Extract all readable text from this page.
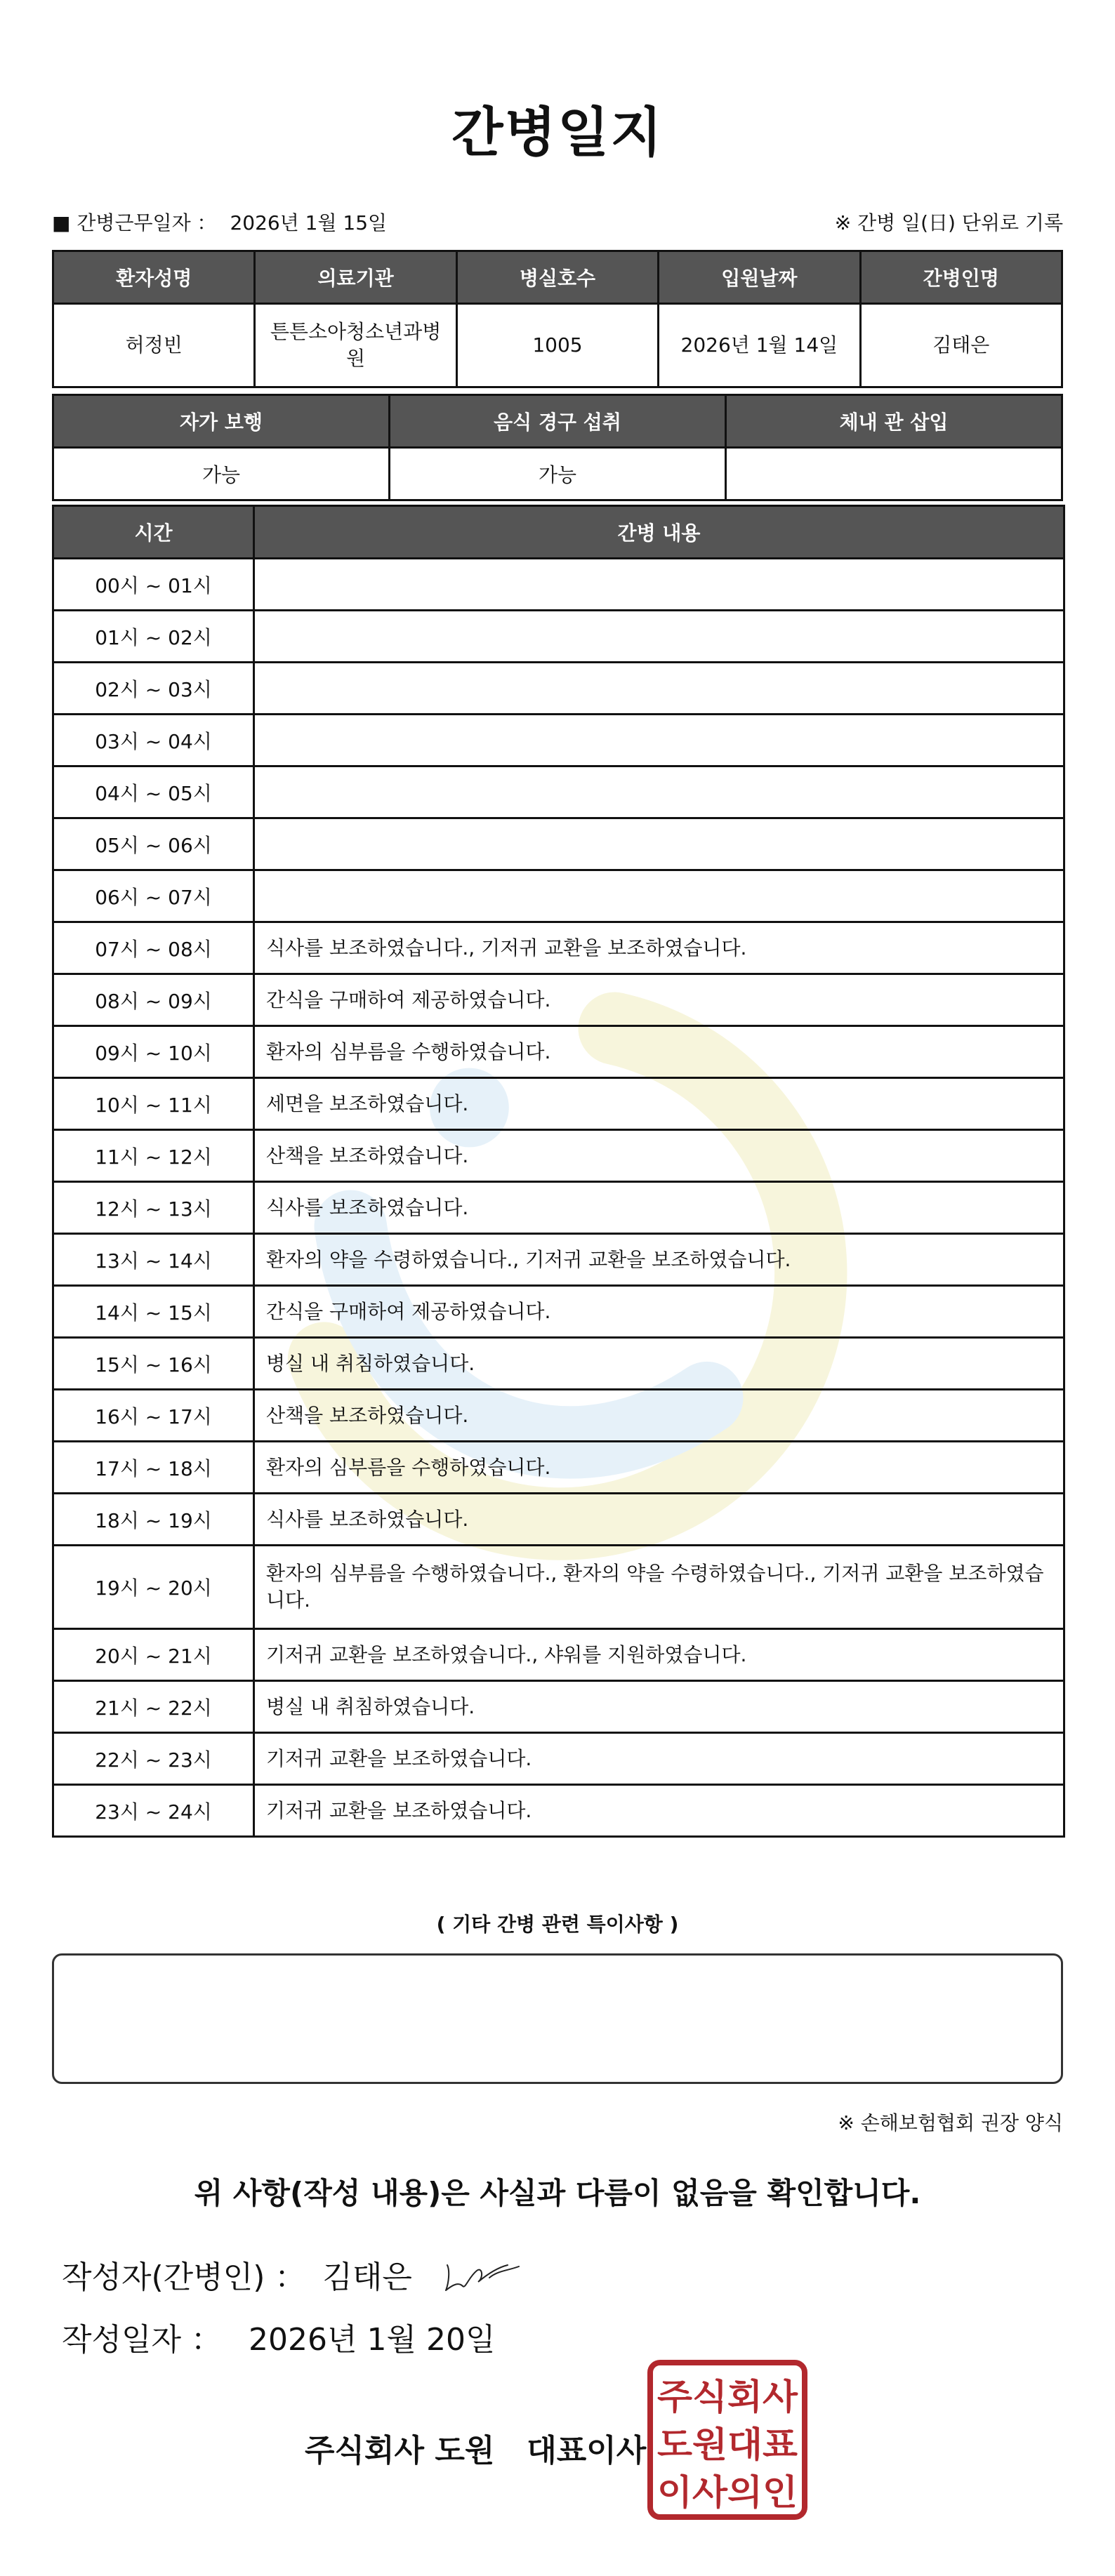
간병일지
■ 간병근무일자 ： 2026년 1월 15일	※ 간병 일(日) 단위로 기록
환자성명	의료기관	병실호수	입원날짜	간병인명
허정빈	튼튼소아청소년과병원	1005	2026년 1월 14일	김태은
자가 보행	음식 경구 섭취	체내 관 삽입
가능	가능	
시간	간병 내용
00시 ~ 01시	
01시 ~ 02시	
02시 ~ 03시	
03시 ~ 04시	
04시 ~ 05시	
05시 ~ 06시	
06시 ~ 07시	
07시 ~ 08시	식사를 보조하였습니다., 기저귀 교환을 보조하였습니다.
08시 ~ 09시	간식을 구매하여 제공하였습니다.
09시 ~ 10시	환자의 심부름을 수행하였습니다.
10시 ~ 11시	세면을 보조하였습니다.
11시 ~ 12시	산책을 보조하였습니다.
12시 ~ 13시	식사를 보조하였습니다.
13시 ~ 14시	환자의 약을 수령하였습니다., 기저귀 교환을 보조하였습니다.
14시 ~ 15시	간식을 구매하여 제공하였습니다.
15시 ~ 16시	병실 내 취침하였습니다.
16시 ~ 17시	산책을 보조하였습니다.
17시 ~ 18시	환자의 심부름을 수행하였습니다.
18시 ~ 19시	식사를 보조하였습니다.
19시 ~ 20시	환자의 심부름을 수행하였습니다., 환자의 약을 수령하였습니다., 기저귀 교환을 보조하였습니다.
20시 ~ 21시	기저귀 교환을 보조하였습니다., 샤워를 지원하였습니다.
21시 ~ 22시	병실 내 취침하였습니다.
22시 ~ 23시	기저귀 교환을 보조하였습니다.
23시 ~ 24시	기저귀 교환을 보조하였습니다.
( 기타 간병 관련 특이사항 )
※ 손해보험협회 권장 양식
위 사항(작성 내용)은 사실과 다름이 없음을 확인합니다.
작성자(간병인) ： 김태은
작성일자 ： 2026년 1월 20일
주식회사 도원   대표이사
주식회사
도원대표
이사의인
